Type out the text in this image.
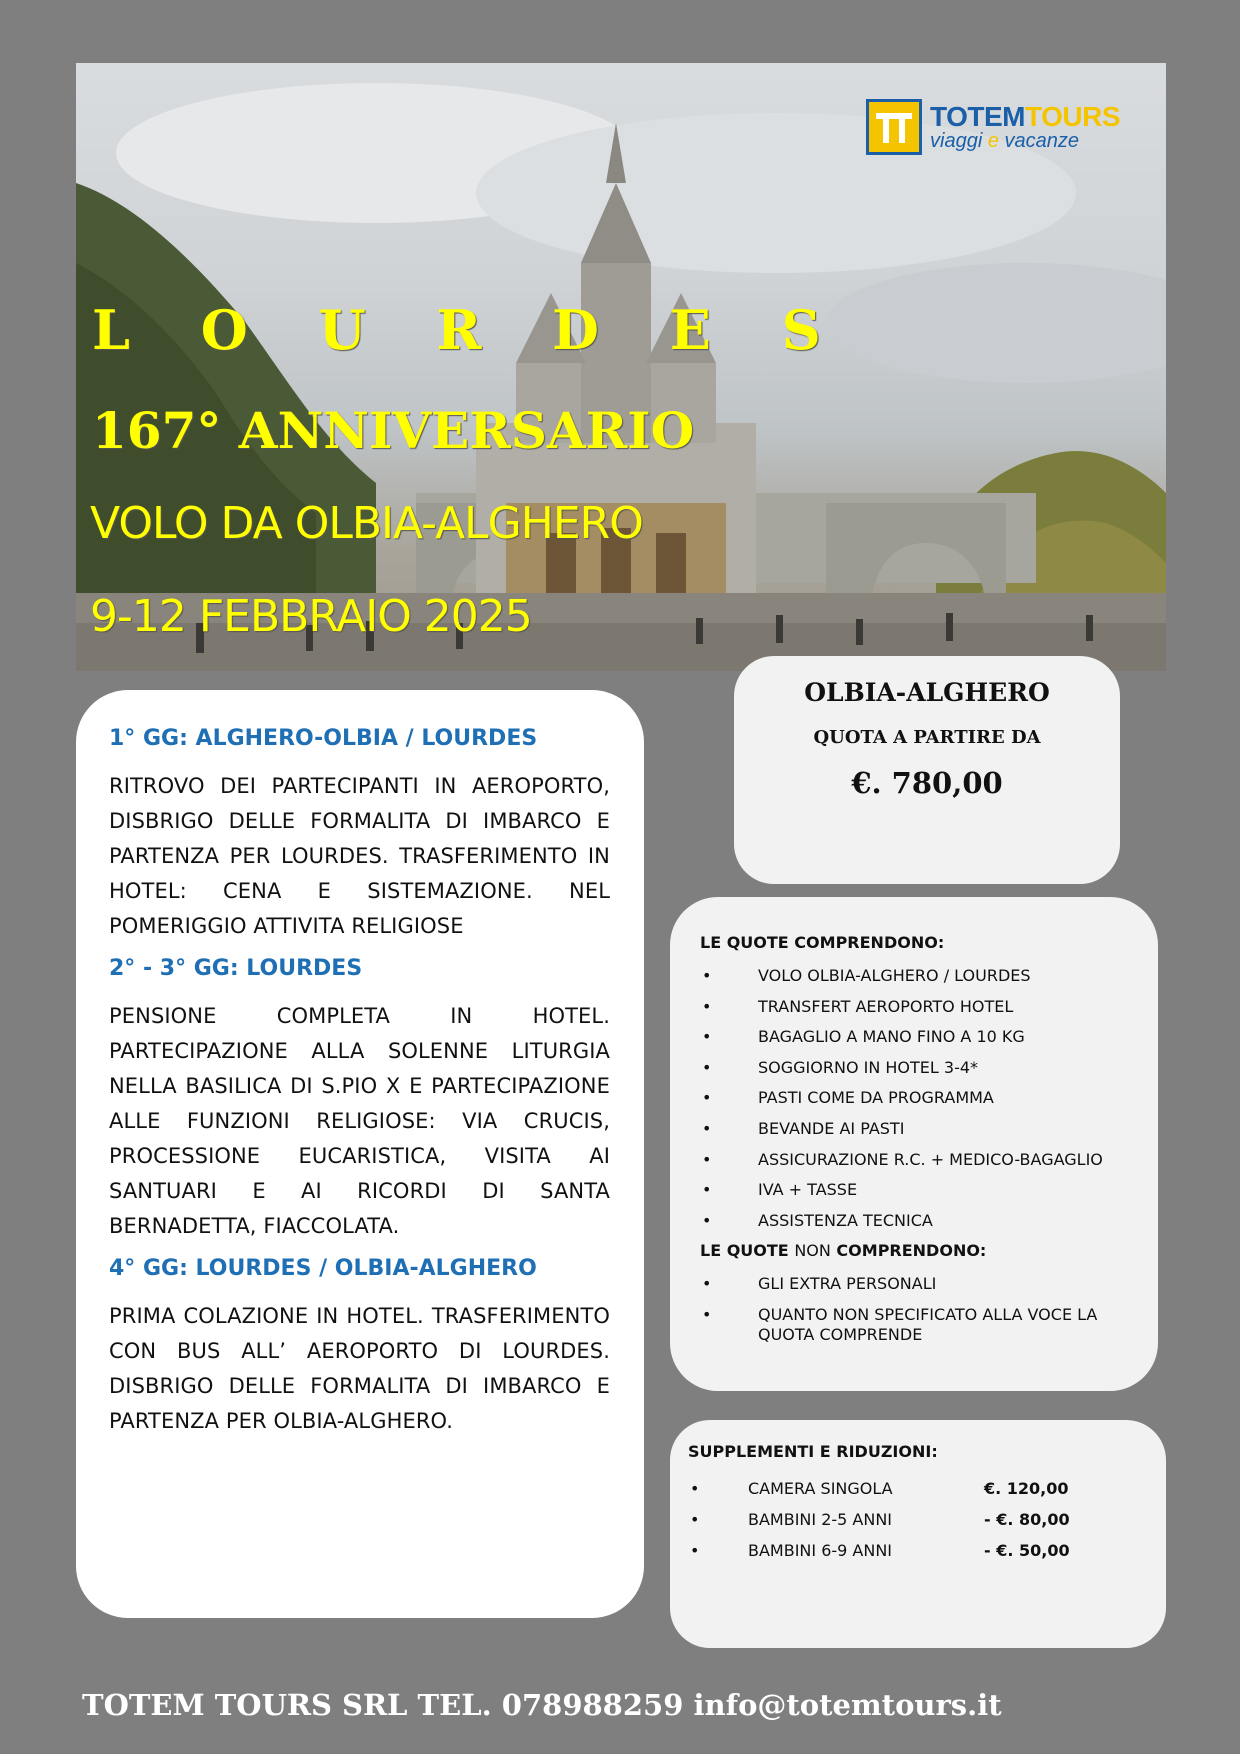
TOTEMTOURS
viaggi e vacanze
L O U R D E S
167° ANNIVERSARIO
VOLO DA OLBIA-ALGHERO
9-12 FEBBRAIO 2025
1° GG: ALGHERO-OLBIA / LOURDES

RITROVO DEI PARTECIPANTI IN AEROPORTO, DISBRIGO DELLE FORMALITA DI IMBARCO E PARTENZA PER LOURDES. TRASFERIMENTO IN HOTEL: CENA E SISTEMAZIONE. NEL POMERIGGIO ATTIVITA RELIGIOSE

2° - 3° GG: LOURDES

PENSIONE COMPLETA IN HOTEL. PARTECIPAZIONE ALLA SOLENNE LITURGIA NELLA BASILICA DI S.PIO X E PARTECIPAZIONE ALLE FUNZIONI RELIGIOSE: VIA CRUCIS, PROCESSIONE EUCARISTICA, VISITA AI SANTUARI E AI RICORDI DI SANTA BERNADETTA, FIACCOLATA.

4° GG: LOURDES / OLBIA-ALGHERO

PRIMA COLAZIONE IN HOTEL. TRASFERIMENTO CON BUS ALL’ AEROPORTO DI LOURDES. DISBRIGO DELLE FORMALITA DI IMBARCO E PARTENZA PER OLBIA-ALGHERO.

OLBIA-ALGHERO
QUOTA A PARTIRE DA
€. 780,00
LE QUOTE COMPRENDONO:
• VOLO OLBIA-ALGHERO / LOURDES
• TRANSFERT AEROPORTO HOTEL
• BAGAGLIO A MANO FINO A 10 KG
• SOGGIORNO IN HOTEL 3-4*
• PASTI COME DA PROGRAMMA
• BEVANDE AI PASTI
• ASSICURAZIONE R.C. + MEDICO-BAGAGLIO
• IVA + TASSE
• ASSISTENZA TECNICA
LE QUOTE NON COMPRENDONO:
• GLI EXTRA PERSONALI
• QUANTO NON SPECIFICATO ALLA VOCE LA QUOTA COMPRENDE
SUPPLEMENTI E RIDUZIONI:
•	CAMERA SINGOLA	€. 120,00
•	BAMBINI 2-5 ANNI	- €. 80,00
•	BAMBINI 6-9 ANNI	- €. 50,00
TOTEM TOURS SRL TEL. 078988259 info@totemtours.it
